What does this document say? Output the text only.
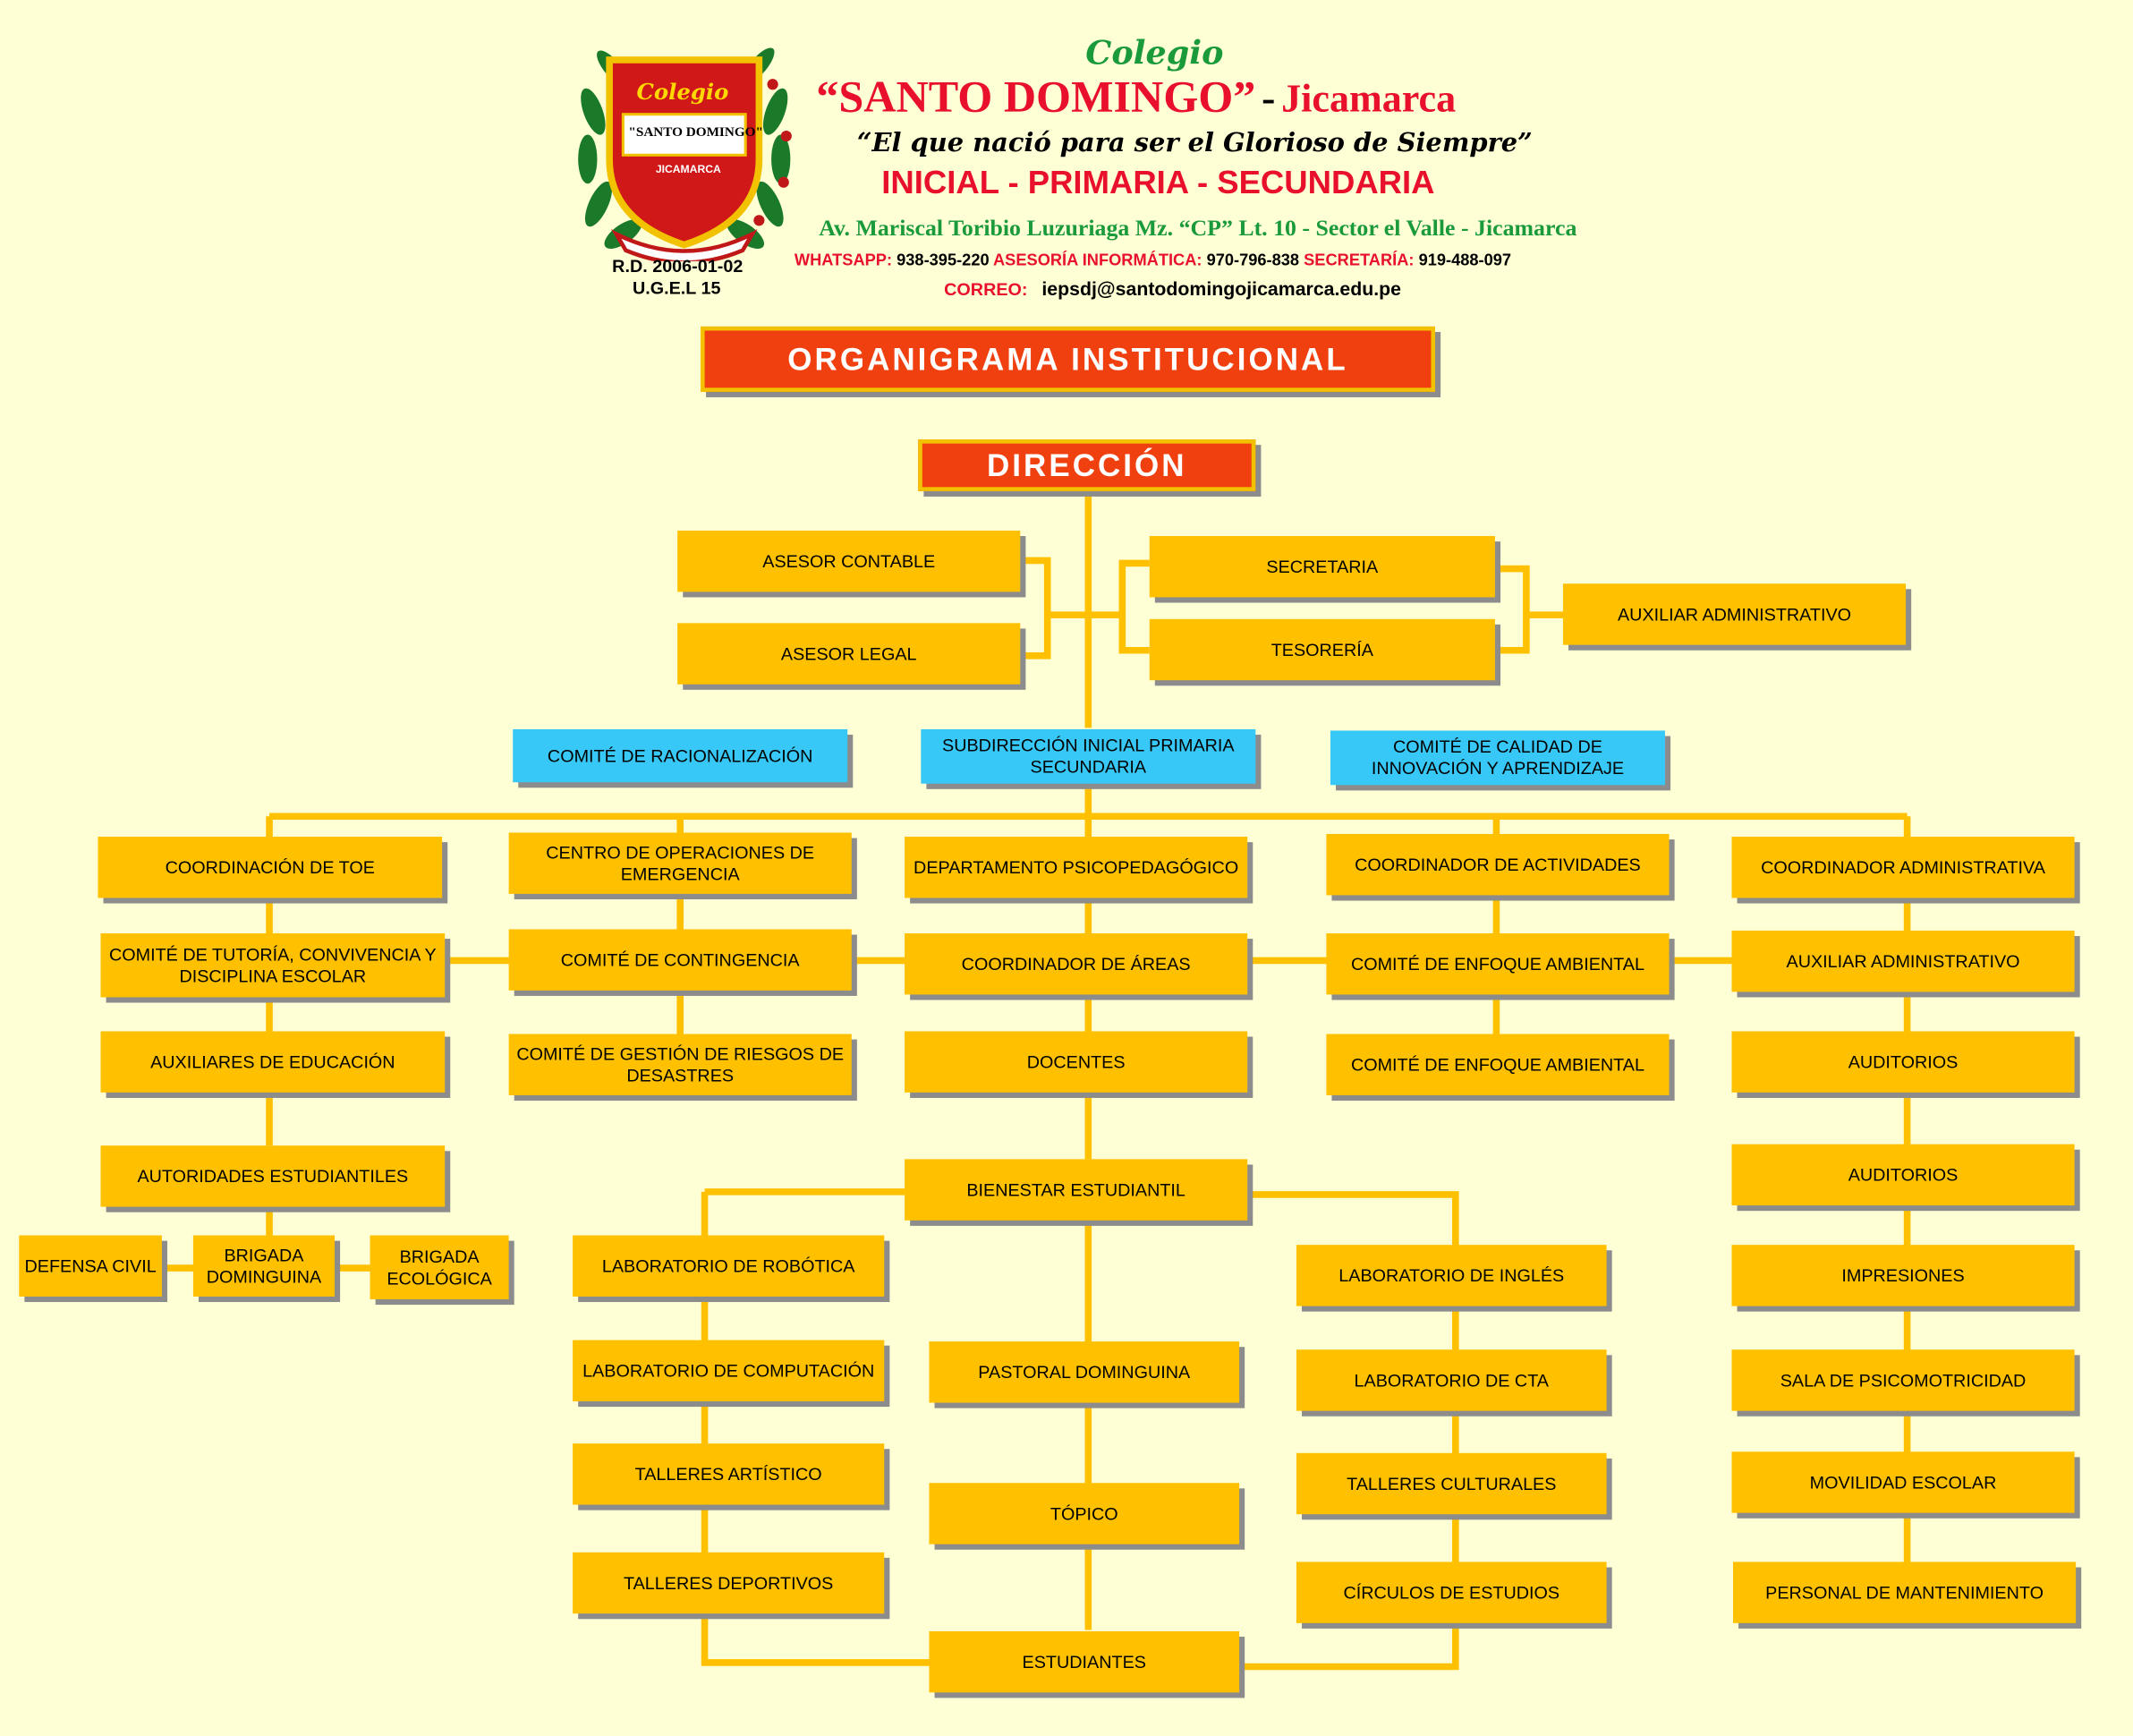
Colegio
"SANTO DOMINGO"
JICAMARCA
R.D. 2006-01-02
U.G.E.L 15
Colegio
“SANTO DOMINGO” - Jicamarca
“El que nació para ser el Glorioso de Siempre”
INICIAL - PRIMARIA - SECUNDARIA
Av. Mariscal Toribio Luzuriaga Mz. “CP” Lt. 10 - Sector el Valle - Jicamarca
WHATSAPP: 938-395-220 ASESORÍA INFORMÁTICA: 970-796-838 SECRETARÍA: 919-488-097
CORREO: iepsdj@santodomingojicamarca.edu.pe
ORGANIGRAMA INSTITUCIONAL
DIRECCIÓN
ASESOR CONTABLE
ASESOR LEGAL
SECRETARIA
TESORERÍA
AUXILIAR ADMINISTRATIVO
COMITÉ DE RACIONALIZACIÓN	SUBDIRECCIÓN INICIAL PRIMARIA SECUNDARIA
COMITÉ DE CALIDAD DE INNOVACIÓN Y APRENDIZAJE
COORDINACIÓN DE TOE
COMITÉ DE TUTORÍA, CONVIVENCIA Y DISCIPLINA ESCOLAR
AUXILIARES DE EDUCACIÓN
AUTORIDADES ESTUDIANTILES
DEFENSA CIVIL
BRIGADA DOMINGUINA
BRIGADA ECOLÓGICA
CENTRO DE OPERACIONES DE EMERGENCIA
COMITÉ DE CONTINGENCIA
COMITÉ DE GESTIÓN DE RIESGOS DE DESASTRES
DEPARTAMENTO PSICOPEDAGÓGICO
COORDINADOR DE ÁREAS
DOCENTES
BIENESTAR ESTUDIANTIL
LABORATORIO DE ROBÓTICA
LABORATORIO DE COMPUTACIÓN
TALLERES ARTÍSTICO
TALLERES DEPORTIVOS
PASTORAL DOMINGUINA
TÓPICO
ESTUDIANTES
LABORATORIO DE INGLÉS
LABORATORIO DE CTA
TALLERES CULTURALES
CÍRCULOS DE ESTUDIOS
COORDINADOR DE ACTIVIDADES
COMITÉ DE ENFOQUE AMBIENTAL
COMITÉ DE ENFOQUE AMBIENTAL
COORDINADOR ADMINISTRATIVA
AUXILIAR ADMINISTRATIVO
AUDITORIOS
AUDITORIOS
IMPRESIONES
SALA DE PSICOMOTRICIDAD
MOVILIDAD ESCOLAR
PERSONAL DE MANTENIMIENTO
